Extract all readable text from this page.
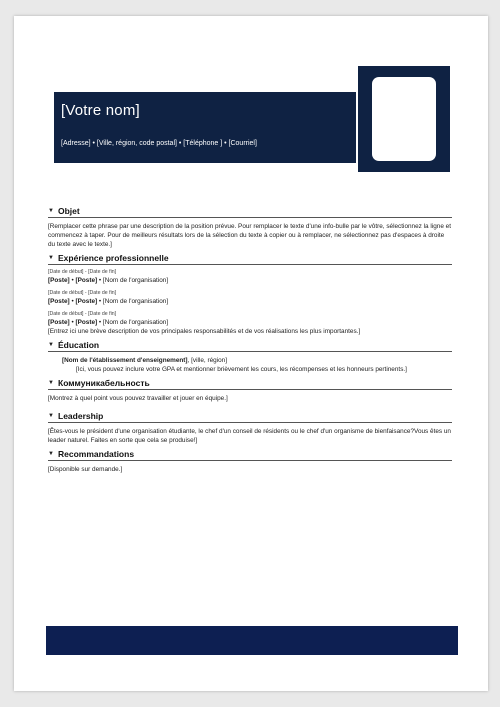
[Votre nom]
[Adresse] • [Ville, région, code postal] • [Téléphone ] • [Courriel]
▼ Objet
[Remplacer cette phrase par une description de la position prévue. Pour remplacer le texte d'une info-bulle par le vôtre, sélectionnez la ligne et commencez à taper. Pour de meilleurs résultats lors de la sélection du texte à copier ou à remplacer, ne sélectionnez pas d'espaces à droite du texte avec le texte.]
▼ Expérience professionnelle
[Date de début] - [Date de fin]
[Poste] • [Poste] • [Nom de l'organisation]
[Date de début] - [Date de fin]
[Poste] • [Poste] • [Nom de l'organisation]
[Date de début] - [Date de fin]
[Poste] • [Poste] • [Nom de l'organisation]
[Entrez ici une brève description de vos principales responsabilités et de vos réalisations les plus importantes.]
▼ Éducation
[Nom de l'établissement d'enseignement], [ville, région]
[Ici, vous pouvez inclure votre GPA et mentionner brièvement les cours, les récompenses et les honneurs pertinents.]
▼ Коммуникабельность
[Montrez à quel point vous pouvez travailler et jouer en équipe.]
▼ Leadership
[Êtes-vous le président d'une organisation étudiante, le chef d'un conseil de résidents ou le chef d'un organisme de bienfaisance?Vous êtes un leader naturel. Faites en sorte que cela se produise!]
▼ Recommandations
[Disponible sur demande.]
